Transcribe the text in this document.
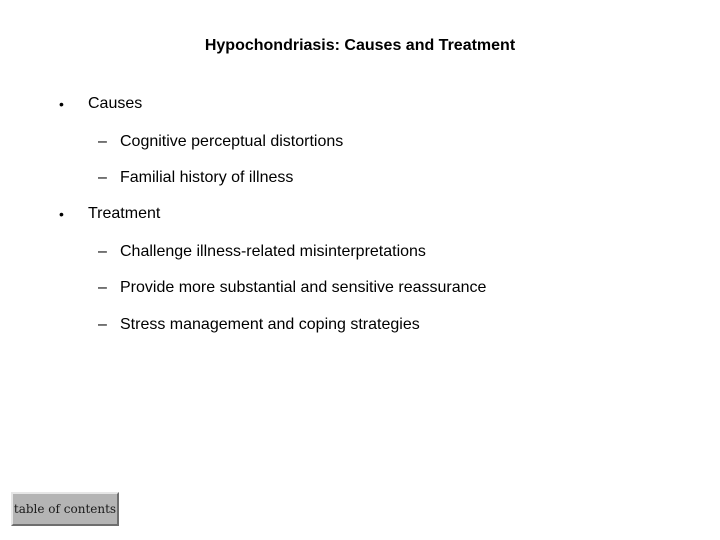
Hypochondriasis: Causes and Treatment
• Causes
– Cognitive perceptual distortions
– Familial history of illness
• Treatment
– Challenge illness-related misinterpretations
– Provide more substantial and sensitive reassurance
– Stress management and coping strategies
table of contents
